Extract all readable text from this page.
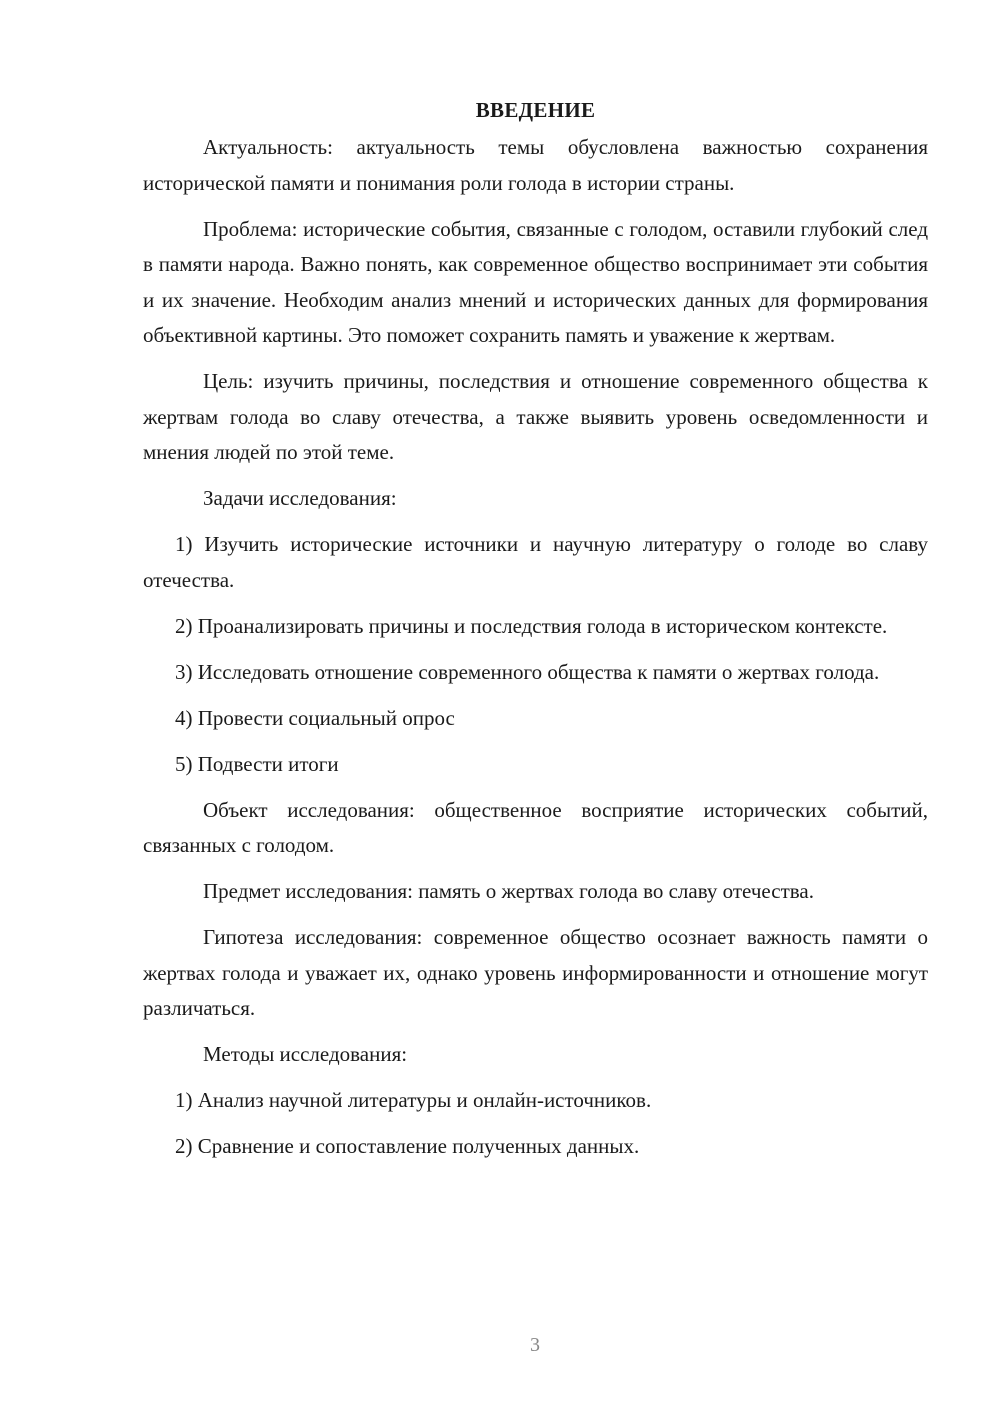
ВВЕДЕНИЕ

Актуальность: актуальность темы обусловлена важностью сохранения исторической памяти и понимания роли голода в истории страны.

Проблема: исторические события, связанные с голодом, оставили глубокий след в памяти народа. Важно понять, как современное общество воспринимает эти события и их значение. Необходим анализ мнений и исторических данных для формирования объективной картины. Это поможет сохранить память и уважение к жертвам.

Цель: изучить причины, последствия и отношение современного общества к жертвам голода во славу отечества, а также выявить уровень осведомленности и мнения людей по этой теме.

Задачи исследования:

1) Изучить исторические источники и научную литературу о голоде во славу отечества.

2) Проанализировать причины и последствия голода в историческом контексте.

3) Исследовать отношение современного общества к памяти о жертвах голода.

4) Провести социальный опрос

5) Подвести итоги

Объект исследования: общественное восприятие исторических событий, связанных с голодом.

Предмет исследования: память о жертвах голода во славу отечества.

Гипотеза исследования: современное общество осознает важность памяти о жертвах голода и уважает их, однако уровень информированности и отношение могут различаться.

Методы исследования:

1) Анализ научной литературы и онлайн-источников.

2) Сравнение и сопоставление полученных данных.

3
